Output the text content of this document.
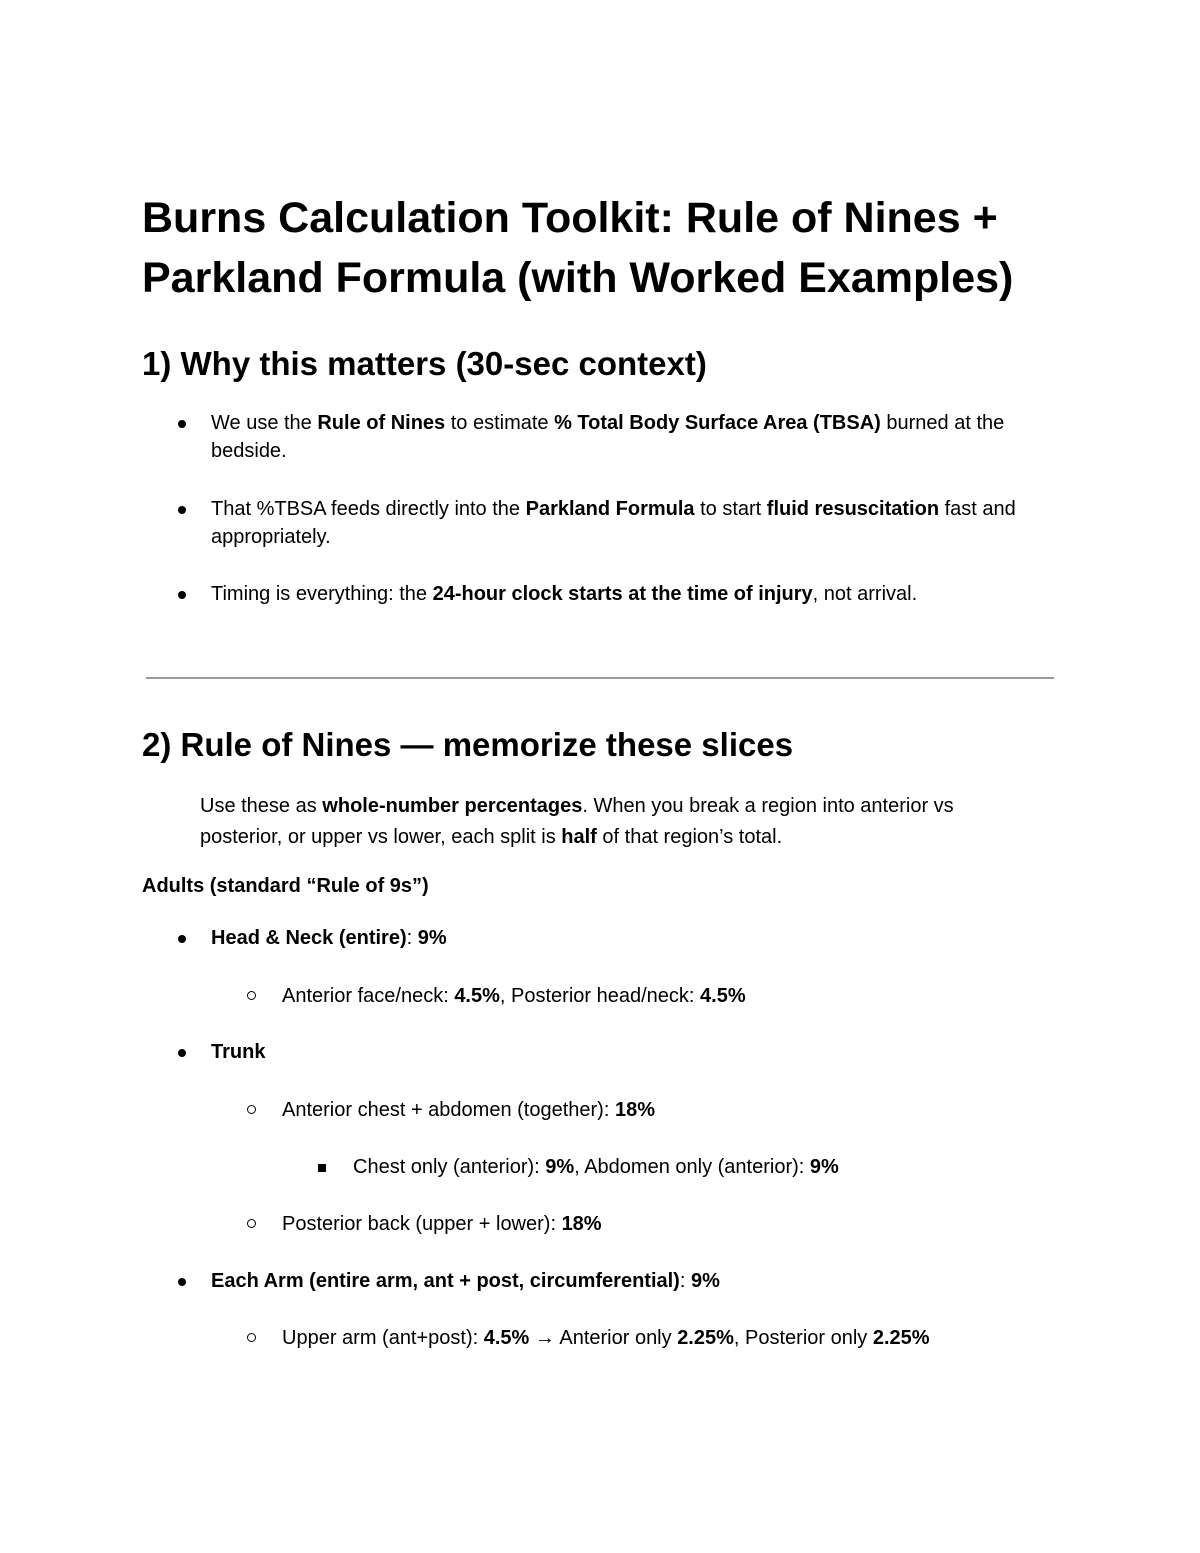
Burns Calculation Toolkit: Rule of Nines + Parkland Formula (with Worked Examples)
1) Why this matters (30-sec context)

We use the Rule of Nines to estimate % Total Body Surface Area (TBSA) burned at the bedside.

That %TBSA feeds directly into the Parkland Formula to start fluid resuscitation fast and appropriately.

Timing is everything: the 24-hour clock starts at the time of injury, not arrival.

2) Rule of Nines — memorize these slices

Use these as whole-number percentages. When you break a region into anterior vs posterior, or upper vs lower, each split is half of that region’s total.

Adults (standard “Rule of 9s”)

Head & Neck (entire): 9%

Anterior face/neck: 4.5%, Posterior head/neck: 4.5%

Trunk

Anterior chest + abdomen (together): 18%

Chest only (anterior): 9%, Abdomen only (anterior): 9%

Posterior back (upper + lower): 18%

Each Arm (entire arm, ant + post, circumferential): 9%

Upper arm (ant+post): 4.5% → Anterior only 2.25%, Posterior only 2.25%
